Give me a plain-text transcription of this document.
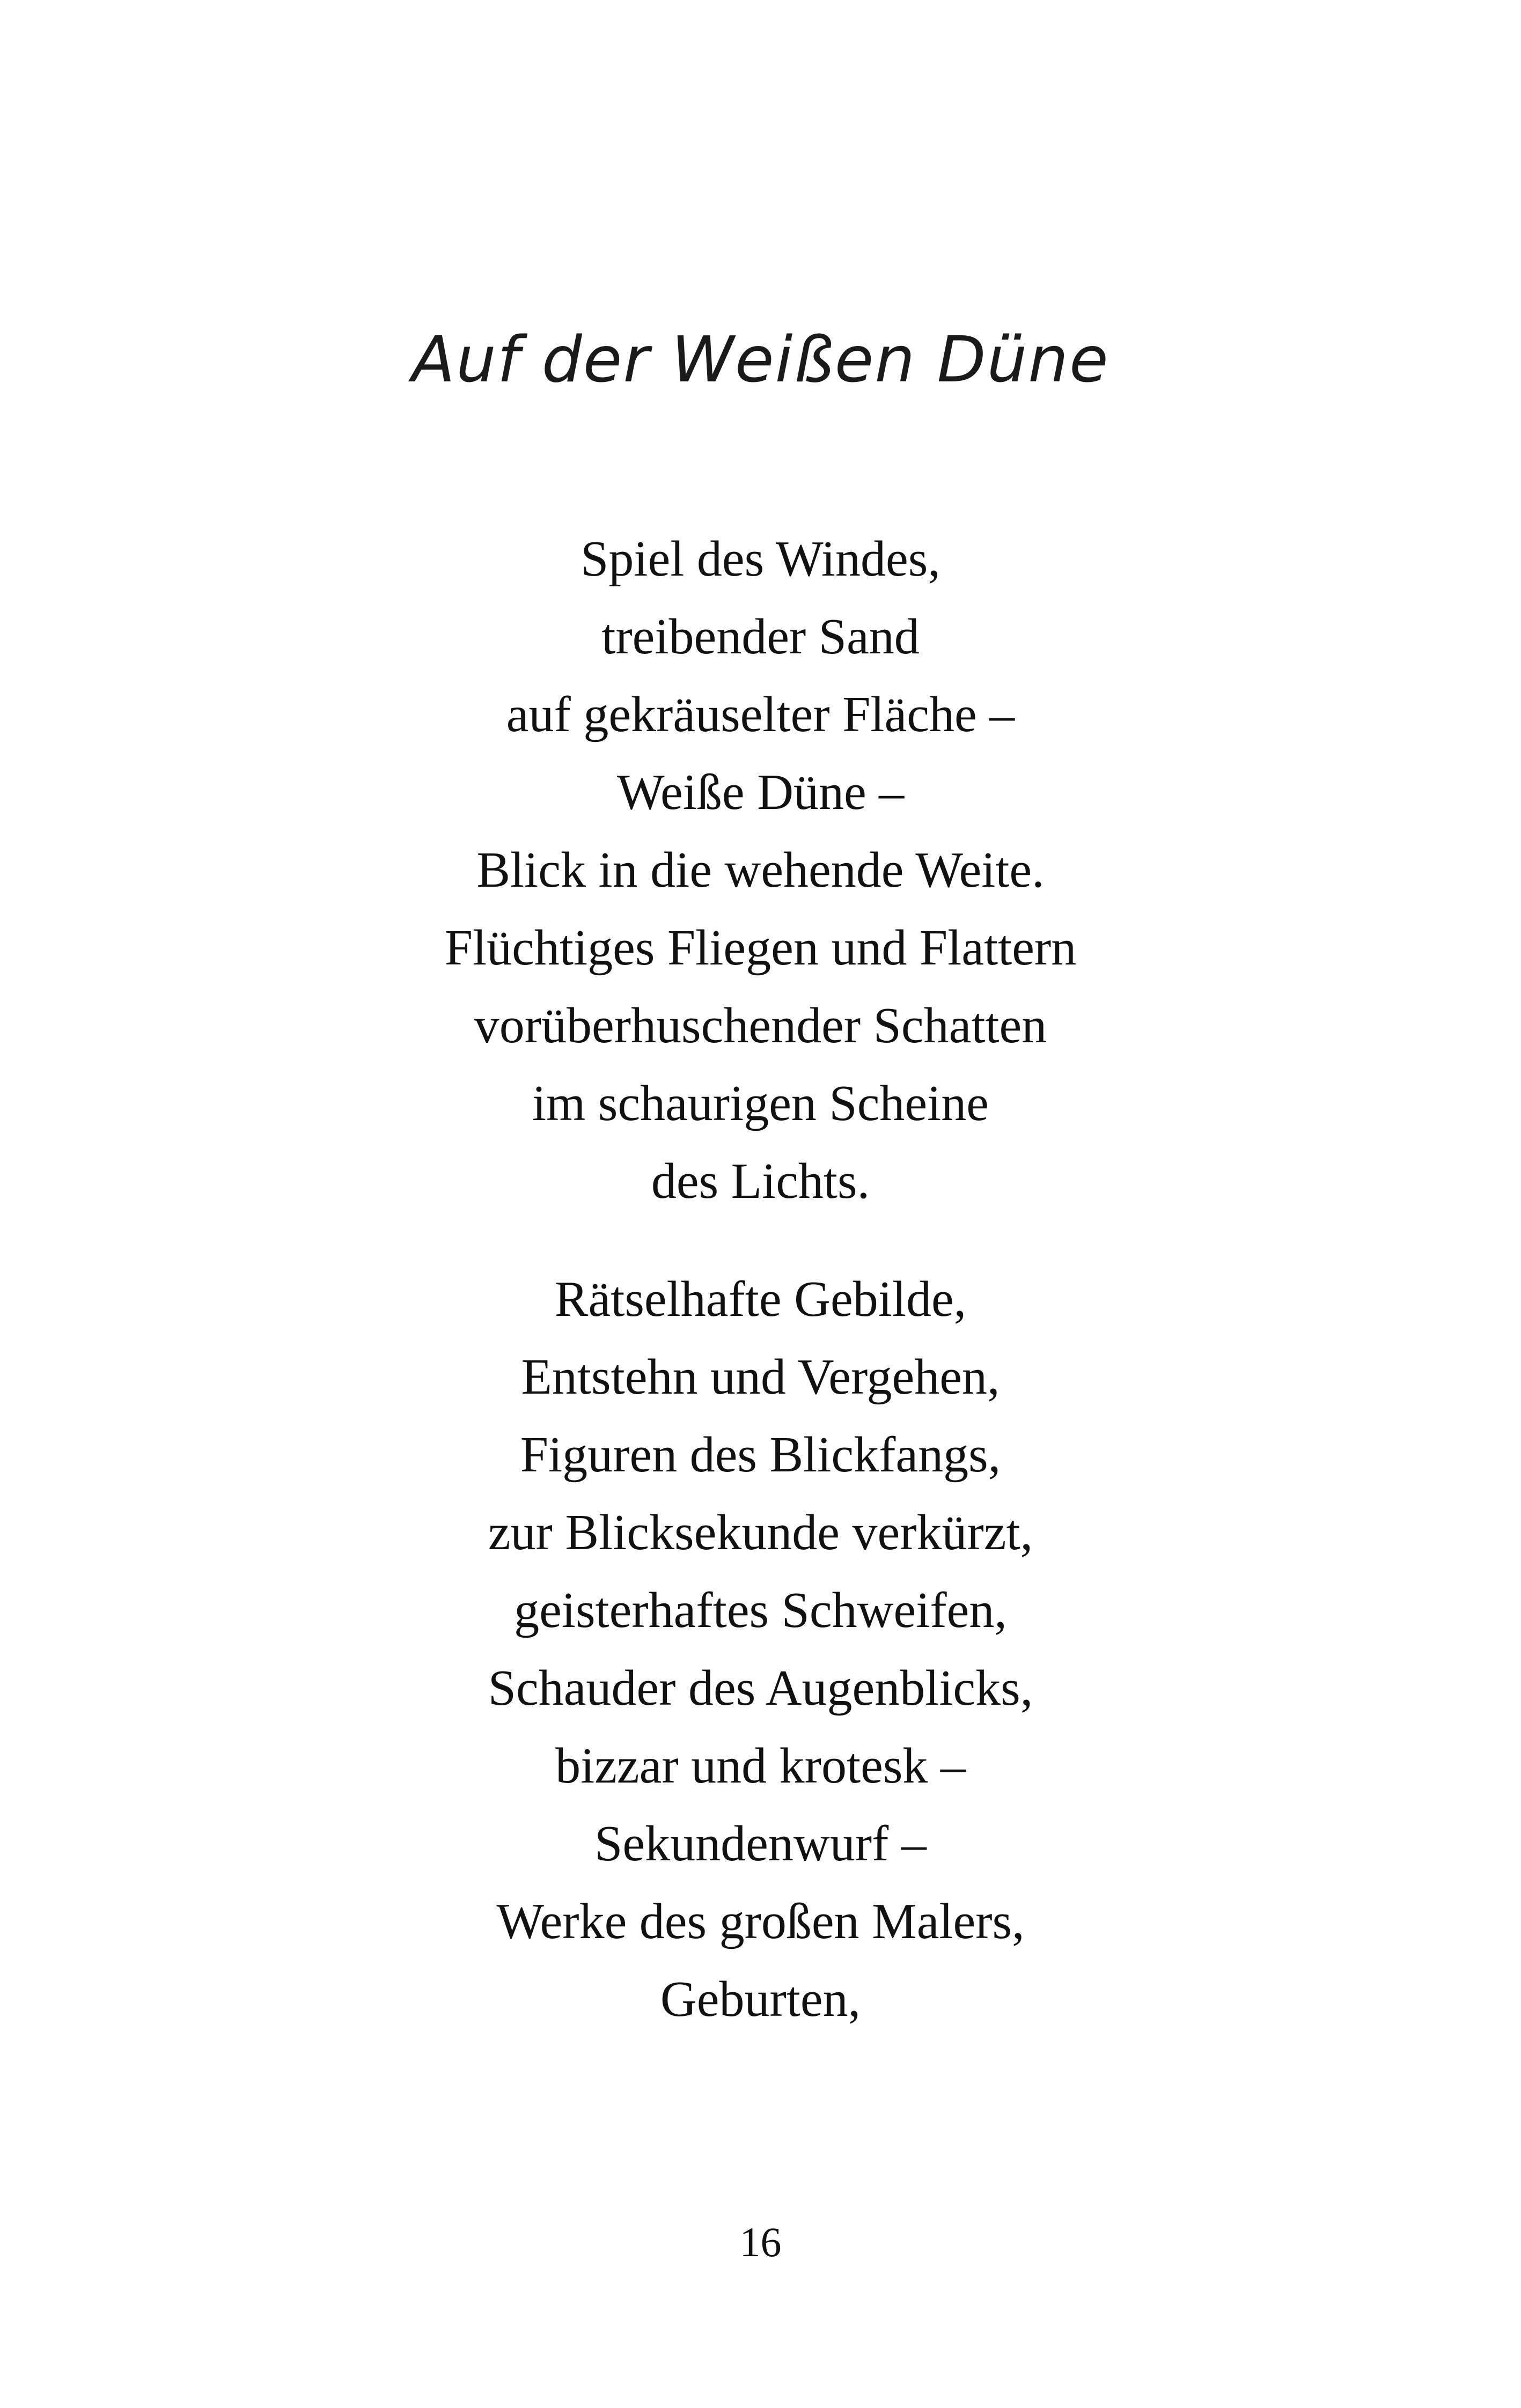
Auf der Weißen Düne
Spiel des Windes,
treibender Sand
auf gekräuselter Fläche –
Weiße Düne –
Blick in die wehende Weite.
Flüchtiges Fliegen und Flattern
vorüberhuschender Schatten
im schaurigen Scheine
des Lichts.
Rätselhafte Gebilde,
Entstehn und Vergehen,
Figuren des Blickfangs,
zur Blicksekunde verkürzt,
geisterhaftes Schweifen,
Schauder des Augenblicks,
bizzar und krotesk –
Sekundenwurf –
Werke des großen Malers,
Geburten,
16
